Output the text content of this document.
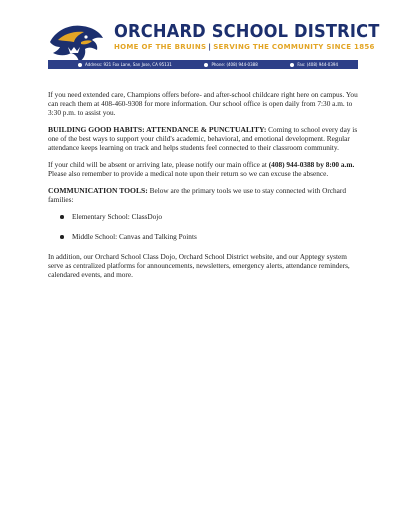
ORCHARD SCHOOL DISTRICT
HOME OF THE BRUINS | SERVING THE COMMUNITY SINCE 1856
Address: 921 Fox Lane, San Jose, CA 95131	Phone: (408) 944-0388	Fax: (408) 944-0394

If you need extended care, Champions offers before- and after-school childcare right here on campus. You can reach them at 408-460-9308 for more information. Our school office is open daily from 7:30 a.m. to 3:30 p.m. to assist you.

BUILDING GOOD HABITS: ATTENDANCE & PUNCTUALITY: Coming to school every day is one of the best ways to support your child's academic, behavioral, and emotional development. Regular attendance keeps learning on track and helps students feel connected to their classroom community.

If your child will be absent or arriving late, please notify our main office at (408) 944-0388 by 8:00 a.m. Please also remember to provide a medical note upon their return so we can excuse the absence.

COMMUNICATION TOOLS: Below are the primary tools we use to stay connected with Orchard families:

Elementary School: ClassDojo
Middle School: Canvas and Talking Points

In addition, our Orchard School Class Dojo, Orchard School District website, and our Apptegy system serve as centralized platforms for announcements, newsletters, emergency alerts, attendance reminders, calendared events, and more.
